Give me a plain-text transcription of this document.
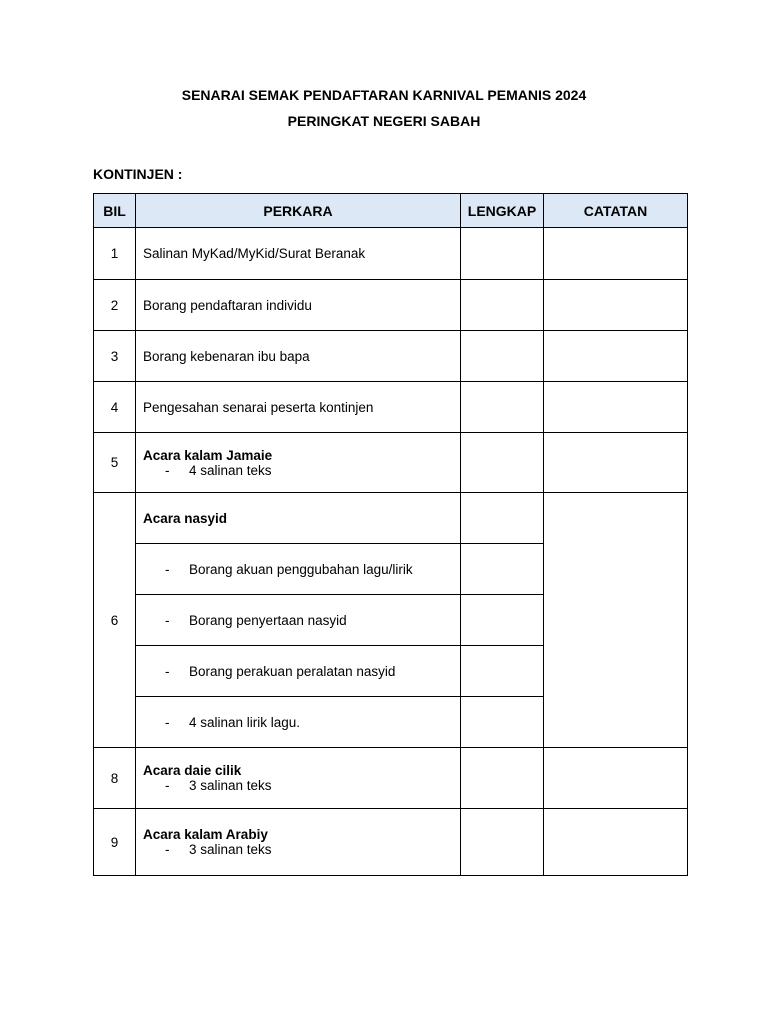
SENARAI SEMAK PENDAFTARAN KARNIVAL PEMANIS 2024
PERINGKAT NEGERI SABAH
KONTINJEN :
BIL	PERKARA	LENGKAP	CATATAN
1	Salinan MyKad/MyKid/Surat Beranak		
2	Borang pendaftaran individu		
3	Borang kebenaran ibu bapa		
4	Pengesahan senarai peserta kontinjen		
5	Acara kalam Jamaie
- 4 salinan teks		

6	Acara nasyid		

	- Borang akuan penggubahan lagu/lirik		

	- Borang penyertaan nasyid		

	- Borang perakuan peralatan nasyid		

	- 4 salinan lirik lagu.		

8	Acara daie cilik
- 3 salinan teks		

9	Acara kalam Arabiy
- 3 salinan teks		
